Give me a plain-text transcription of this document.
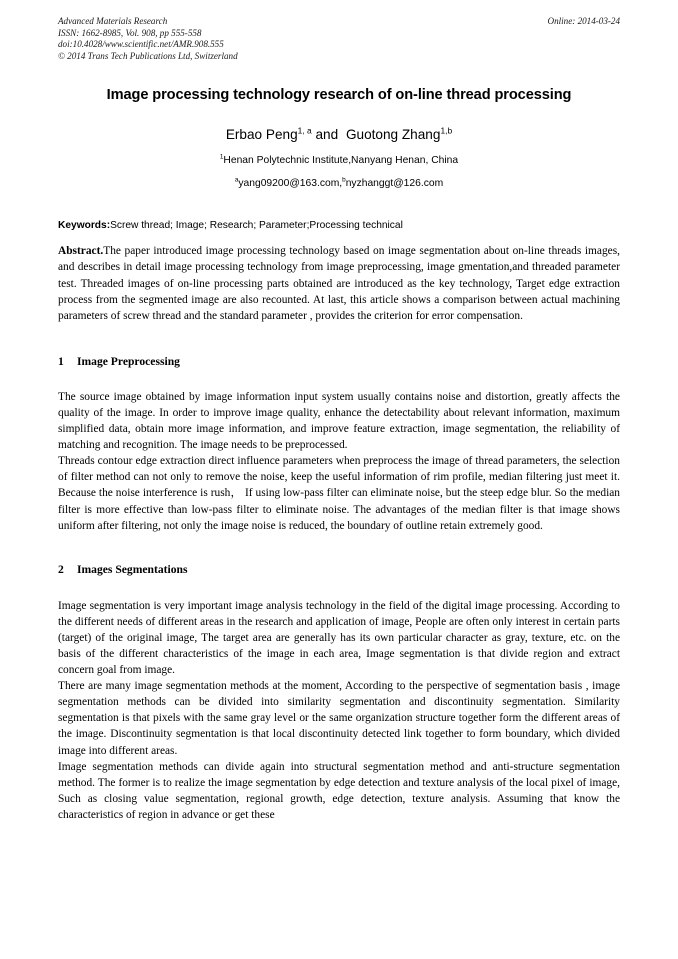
Advanced Materials Research
ISSN: 1662-8985, Vol. 908, pp 555-558
doi:10.4028/www.scientific.net/AMR.908.555
© 2014 Trans Tech Publications Ltd, Switzerland
Online: 2014-03-24
Image processing technology research of on-line thread processing
Erbao Peng$^{1, a}$ and Guotong Zhang$^{1,b}$
$^1$Henan Polytechnic Institute,Nanyang Henan, China
$^a$yang09200@163.com,$^b$nyzhanggt@126.com
Keywords:Screw thread; Image; Research; Parameter;Processing technical
Abstract.The paper introduced image processing technology based on image segmentation about on-line threads images, and describes in detail image processing technology from image preprocessing, image gmentation,and threaded parameter test. Threaded images of on-line processing parts obtained are introduced as the key technology, Target edge extraction process from the segmented image are also recounted. At last, this article shows a comparison between actual machining parameters of screw thread and the standard parameter , provides the criterion for error compensation.
1 Image Preprocessing

The source image obtained by image information input system usually contains noise and distortion, greatly affects the quality of the image. In order to improve image quality, enhance the detectability about relevant information, maximum simplified data, obtain more image information, and improve feature extraction, image segmentation, the reliability of matching and recognition. The image needs to be preprocessed.

Threads contour edge extraction direct influence parameters when preprocess the image of thread parameters, the selection of filter method can not only to remove the noise, keep the useful information of rim profile, median filtering just meet it. Because the noise interference is rush， If using low-pass filter can eliminate noise, but the steep edge blur. So the median filter is more effective than low-pass filter to eliminate noise. The advantages of the median filter is that image shows uniform after filtering, not only the image noise is reduced, the boundary of outline retain extremely good.

2 Images Segmentations

Image segmentation is very important image analysis technology in the field of the digital image processing. According to the different needs of different areas in the research and application of image, People are often only interest in certain parts (target) of the original image, The target area are generally has its own particular character as gray, texture, etc. on the basis of the different characteristics of the image in each area, Image segmentation is that divide region and extract concern goal from image.

There are many image segmentation methods at the moment, According to the perspective of segmentation basis , image segmentation methods can be divided into similarity segmentation and discontinuity segmentation. Similarity segmentation is that pixels with the same gray level or the same organization structure together form the different areas of the image. Discontinuity segmentation is that local discontinuity detected link together to form boundary, which divided image into different areas.

Image segmentation methods can divide again into structural segmentation method and anti-structure segmentation method. The former is to realize the image segmentation by edge detection and texture analysis of the local pixel of image, Such as closing value segmentation, regional growth, edge detection, texture analysis. Assuming that know the characteristics of region in advance or get these
